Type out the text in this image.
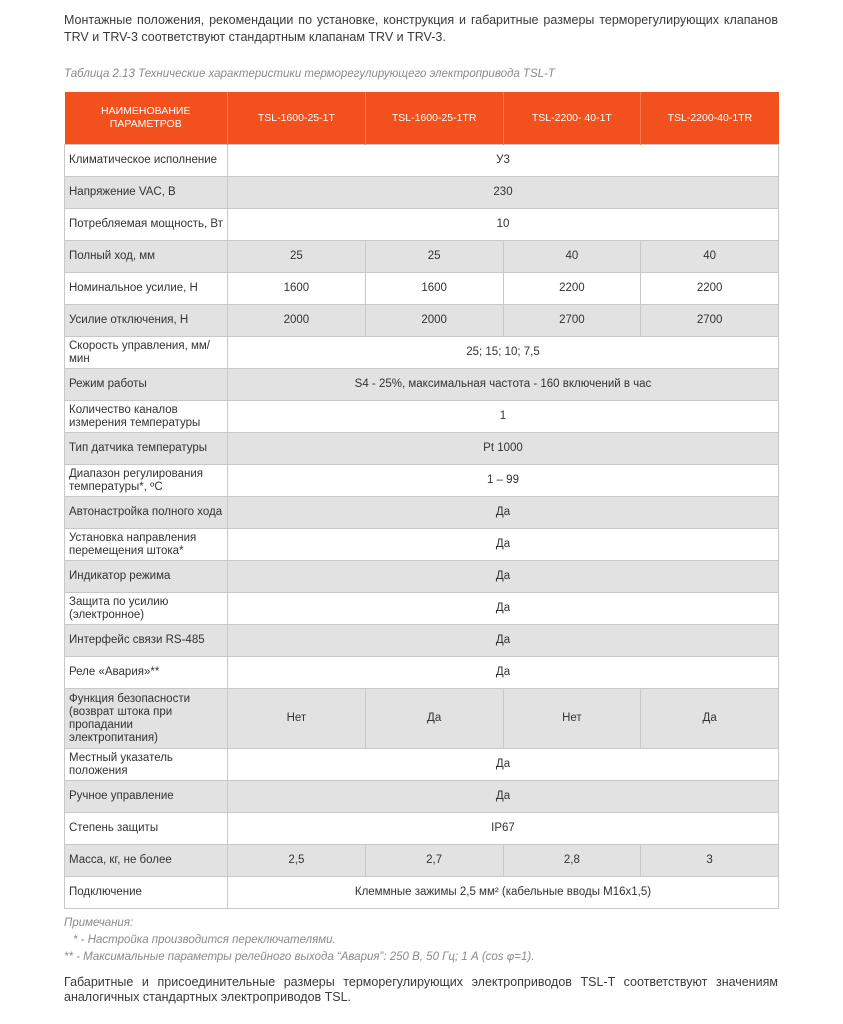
Монтажные положения, рекомендации по установке, конструкция и габаритные размеры терморегулирующих клапанов TRV и TRV-3 соответствуют стандартным клапанам TRV и TRV-3.
Таблица 2.13 Технические характеристики терморегулирующего электропривода TSL-T
НАИМЕНОВАНИЕ ПАРАМЕТРОВ	TSL-1600-25-1T	TSL-1600-25-1TR	TSL-2200- 40-1T	TSL-2200-40-1TR
Климатическое исполнение	У3			
Напряжение VAC, В	230			
Потребляемая мощность, Вт	10			
Полный ход, мм	25	25	40	40
Номинальное усилие, Н	1600	1600	2200	2200
Усилие отключения, Н	2000	2000	2700	2700
Скорость управления, мм/мин	25; 15; 10; 7,5			
Режим работы	S4 - 25%, максимальная частота - 160 включений в час			
Количество каналов измерения температуры	1			
Тип датчика температуры	Pt 1000			
Диапазон регулирования температуры*, ºС	1 – 99			
Автонастройка полного хода	Да			
Установка направления перемещения штока*	Да			
Индикатор режима	Да			
Защита по усилию (электронное)	Да			
Интерфейс связи RS-485	Да			
Реле «Авария»**	Да			
Функция безопасности (возврат штока при пропадании электропитания)	Нет	Да	Нет	Да
Местный указатель положения	Да			
Ручное управление	Да			
Степень защиты	IP67			
Масса, кг, не более	2,5	2,7	2,8	3
Подключение	Клеммные зажимы 2,5 мм² (кабельные вводы М16х1,5)			
Примечания:
* - Настройка производится переключателями.
** - Максимальные параметры релейного выхода “Авария”: 250 В, 50 Гц; 1 А (cos φ=1).
Габаритные и присоединительные размеры терморегулирующих электроприводов TSL-T соответствуют значениям аналогичных стандартных электроприводов TSL.
